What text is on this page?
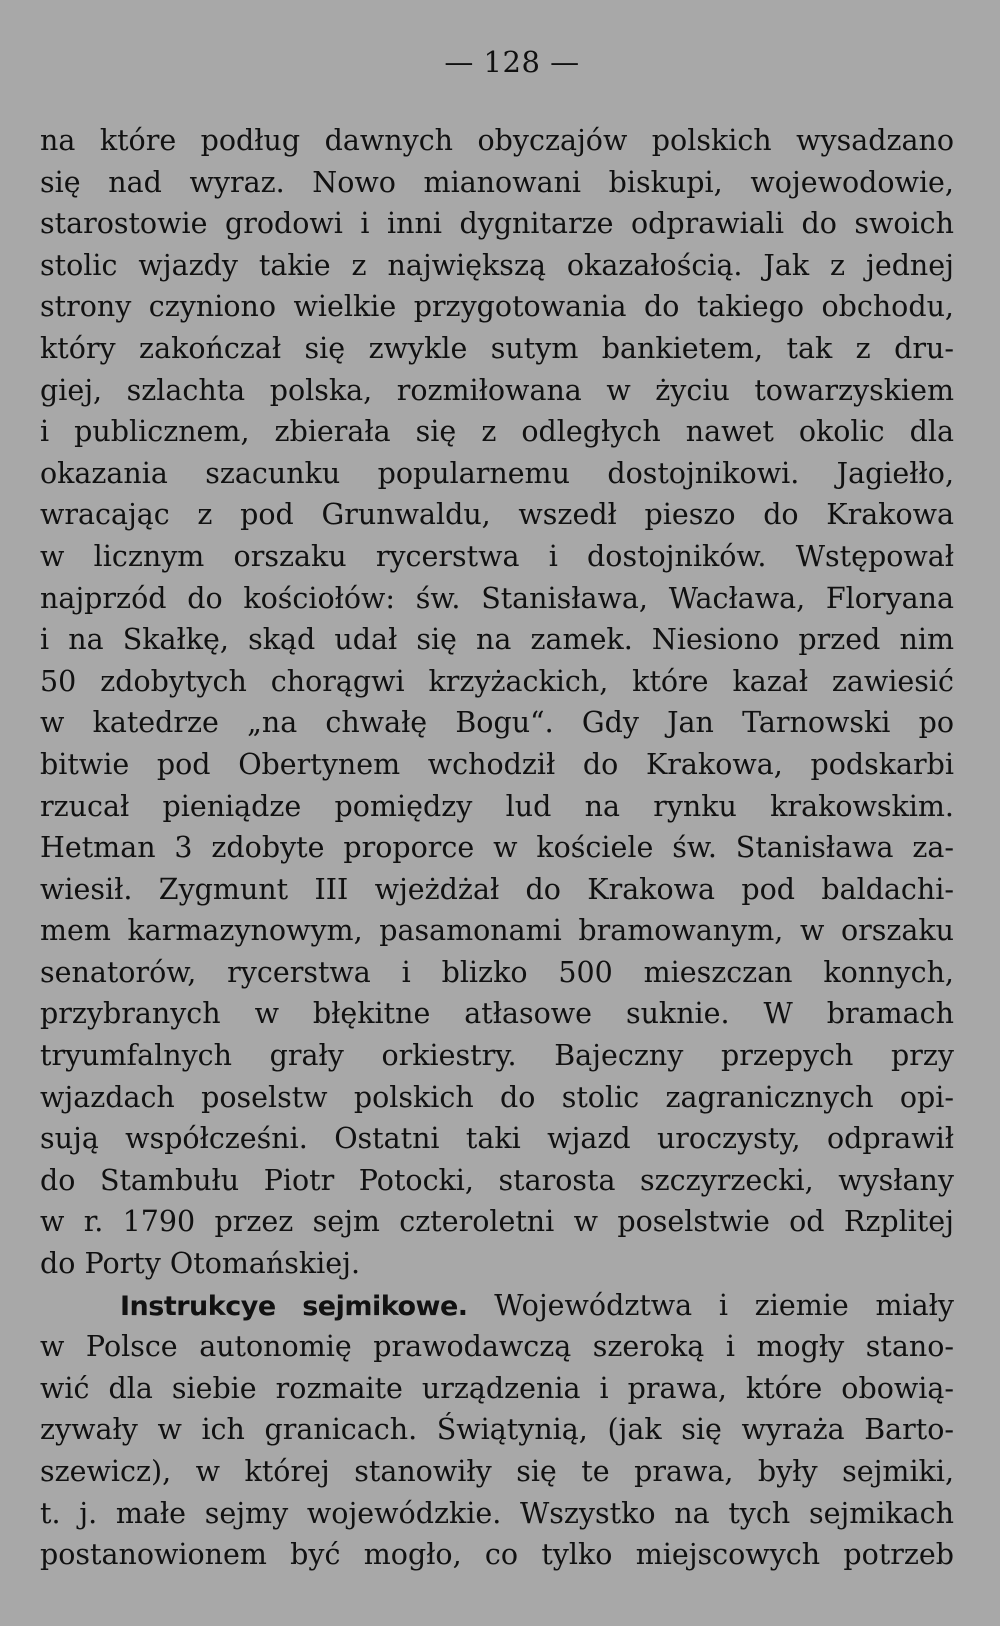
— 128 —
na które podług dawnych obyczajów polskich wysadzano
się nad wyraz. Nowo mianowani biskupi, wojewodowie,
starostowie grodowi i inni dygnitarze odprawiali do swoich
stolic wjazdy takie z największą okazałością. Jak z jednej
strony czyniono wielkie przygotowania do takiego obchodu,
który zakończał się zwykle sutym bankietem, tak z dru-
giej, szlachta polska, rozmiłowana w życiu towarzyskiem
i publicznem, zbierała się z odległych nawet okolic dla
okazania szacunku popularnemu dostojnikowi. Jagiełło,
wracając z pod Grunwaldu, wszedł pieszo do Krakowa
w licznym orszaku rycerstwa i dostojników. Wstępował
najprzód do kościołów: św. Stanisława, Wacława, Floryana
i na Skałkę, skąd udał się na zamek. Niesiono przed nim
50 zdobytych chorągwi krzyżackich, które kazał zawiesić
w katedrze „na chwałę Bogu“. Gdy Jan Tarnowski po
bitwie pod Obertynem wchodził do Krakowa, podskarbi
rzucał pieniądze pomiędzy lud na rynku krakowskim.
Hetman 3 zdobyte proporce w kościele św. Stanisława za-
wiesił. Zygmunt III wjeżdżał do Krakowa pod baldachi-
mem karmazynowym, pasamonami bramowanym, w orszaku
senatorów, rycerstwa i blizko 500 mieszczan konnych,
przybranych w błękitne atłasowe suknie. W bramach
tryumfalnych grały orkiestry. Bajeczny przepych przy
wjazdach poselstw polskich do stolic zagranicznych opi-
sują współcześni. Ostatni taki wjazd uroczysty, odprawił
do Stambułu Piotr Potocki, starosta szczyrzecki, wysłany
w r. 1790 przez sejm czteroletni w poselstwie od Rzplitej
do Porty Otomańskiej.
Instrukcye sejmikowe. Województwa i ziemie miały
w Polsce autonomię prawodawczą szeroką i mogły stano-
wić dla siebie rozmaite urządzenia i prawa, które obowią-
zywały w ich granicach. Świątynią, (jak się wyraża Barto-
szewicz), w której stanowiły się te prawa, były sejmiki,
t. j. małe sejmy wojewódzkie. Wszystko na tych sejmikach
postanowionem być mogło, co tylko miejscowych potrzeb
